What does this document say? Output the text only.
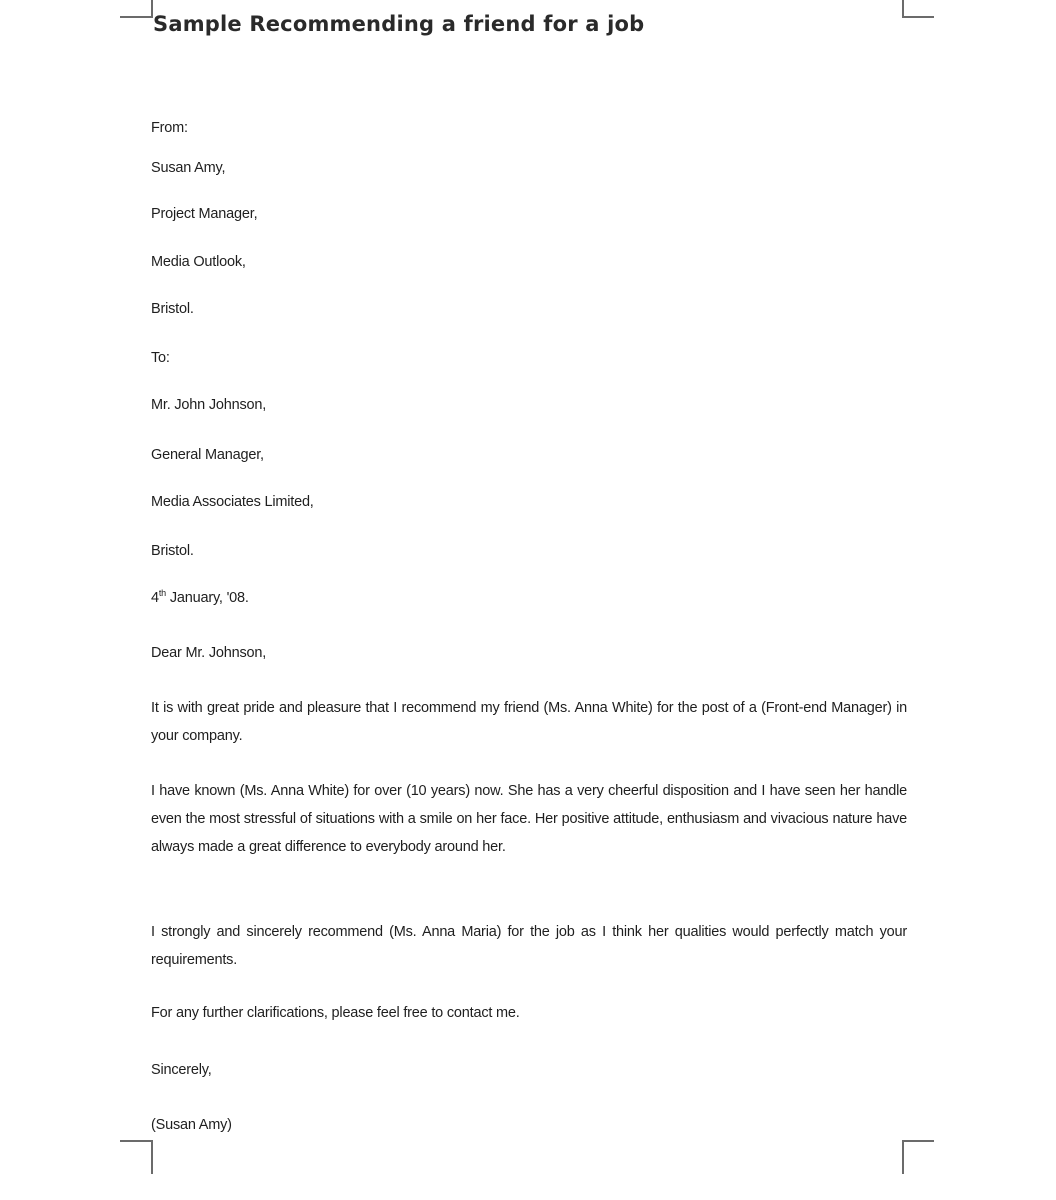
Sample Recommending a friend for a job
From:
Susan Amy,
Project Manager,
Media Outlook,
Bristol.
To:
Mr. John Johnson,
General Manager,
Media Associates Limited,
Bristol.
4th January, '08.
Dear Mr. Johnson,
It is with great pride and pleasure that I recommend my friend (Ms. Anna White) for the post of a (Front-end Manager) in your company.
I have known (Ms. Anna White) for over (10 years) now. She has a very cheerful disposition and I have seen her handle even the most stressful of situations with a smile on her face. Her positive attitude, enthusiasm and vivacious nature have always made a great difference to everybody around her.
I strongly and sincerely recommend (Ms. Anna Maria) for the job as I think her qualities would perfectly match your requirements.
For any further clarifications, please feel free to contact me.
Sincerely,
(Susan Amy)
